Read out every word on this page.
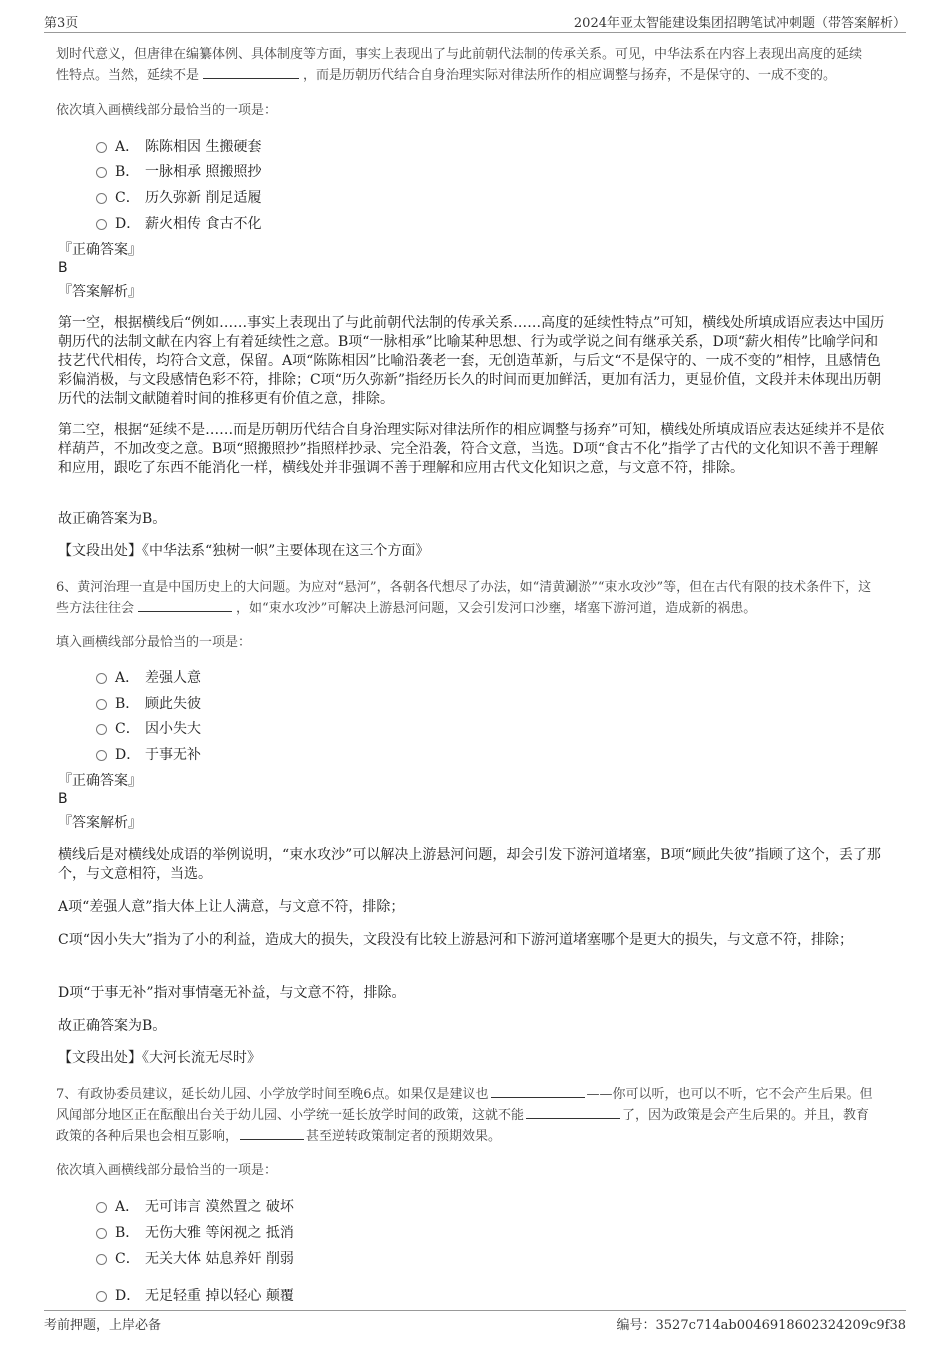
第3页	2024年亚太智能建设集团招聘笔试冲刺题（带答案解析）
划时代意义，但唐律在编纂体例、具体制度等方面，事实上表现出了与此前朝代法制的传承关系。可见，中华法系在内容上表现出高度的延续
性特点。当然，延续不是	，而是历朝历代结合自身治理实际对律法所作的相应调整与扬弃，不是保守的、一成不变的。
依次填入画横线部分最恰当的一项是：
A． 陈陈相因 生搬硬套
B． 一脉相承 照搬照抄
C． 历久弥新 削足适履
D． 薪火相传 食古不化
『正确答案』
B
『答案解析』
第一空，根据横线后“例如……事实上表现出了与此前朝代法制的传承关系……高度的延续性特点”可知，横线处所填成语应表达中国历朝历代的法制文献在内容上有着延续性之意。B项“一脉相承”比喻某种思想、行为或学说之间有继承关系，D项“薪火相传”比喻学问和技艺代代相传，均符合文意，保留。A项“陈陈相因”比喻沿袭老一套，无创造革新，与后文“不是保守的、一成不变的”相悖，且感情色彩偏消极，与文段感情色彩不符，排除；C项“历久弥新”指经历长久的时间而更加鲜活，更加有活力，更显价值，文段并未体现出历朝历代的法制文献随着时间的推移更有价值之意，排除。
第二空，根据“延续不是……而是历朝历代结合自身治理实际对律法所作的相应调整与扬弃”可知，横线处所填成语应表达延续并不是依样葫芦，不加改变之意。B项“照搬照抄”指照样抄录、完全沿袭，符合文意，当选。D项“食古不化”指学了古代的文化知识不善于理解和应用，跟吃了东西不能消化一样，横线处并非强调不善于理解和应用古代文化知识之意，与文意不符，排除。
故正确答案为B。
【文段出处】《中华法系“独树一帜”主要体现在这三个方面》
6、黄河治理一直是中国历史上的大问题。为应对“悬河”，各朝各代想尽了办法，如“清黄涮淤”“束水攻沙”等，但在古代有限的技术条件下，这
些方法往往会	，如“束水攻沙”可解决上游悬河问题，又会引发河口沙壅，堵塞下游河道，造成新的祸患。
填入画横线部分最恰当的一项是：
A． 差强人意
B． 顾此失彼
C． 因小失大
D． 于事无补
『正确答案』
B
『答案解析』
横线后是对横线处成语的举例说明，“束水攻沙”可以解决上游悬河问题，却会引发下游河道堵塞，B项“顾此失彼”指顾了这个，丢了那个，与文意相符，当选。
A项“差强人意”指大体上让人满意，与文意不符，排除；
C项“因小失大”指为了小的利益，造成大的损失，文段没有比较上游悬河和下游河道堵塞哪个是更大的损失，与文意不符，排除；
D项“于事无补”指对事情毫无补益，与文意不符，排除。
故正确答案为B。
【文段出处】《大河长流无尽时》
7、有政协委员建议，延长幼儿园、小学放学时间至晚6点。如果仅是建议也	——你可以听，也可以不听，它不会产生后果。但
风闻部分地区正在酝酿出台关于幼儿园、小学统一延长放学时间的政策，这就不能	了，因为政策是会产生后果的。并且，教育
政策的各种后果也会相互影响，	甚至逆转政策制定者的预期效果。
依次填入画横线部分最恰当的一项是：
A． 无可讳言 漠然置之 破坏
B． 无伤大雅 等闲视之 抵消
C． 无关大体 姑息养奸 削弱
D． 无足轻重 掉以轻心 颠覆
考前押题，上岸必备	编号：3527c714ab0046918602324209c9f38
